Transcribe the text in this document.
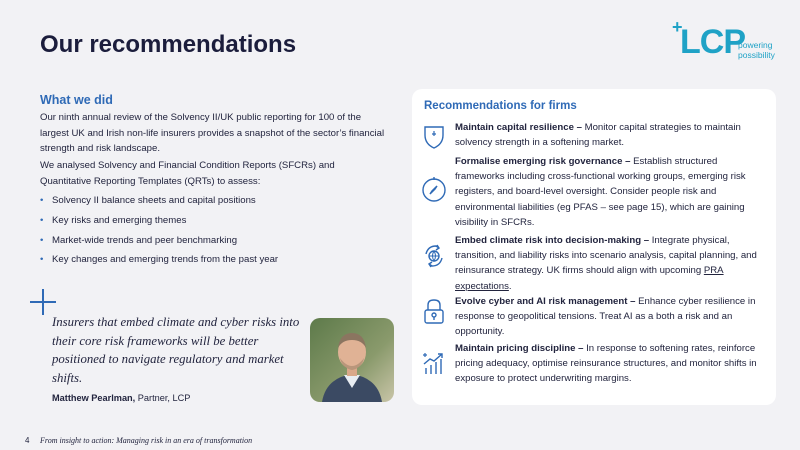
Our recommendations
+
LCP
powering
possibility
What we did

Our ninth annual review of the Solvency II/UK public reporting for 100 of the largest UK and Irish non-life insurers provides a snapshot of the sector’s financial strength and risk landscape.

We analysed Solvency and Financial Condition Reports (SFCRs) and Quantitative Reporting Templates (QRTs) to assess:

• Solvency II balance sheets and capital positions
• Key risks and emerging themes
• Market-wide trends and peer benchmarking
• Key changes and emerging trends from the past year

Insurers that embed climate and cyber risks into their core risk frameworks will be better positioned to navigate regulatory and market shifts.

Matthew Pearlman, Partner, LCP
Recommendations for firms

Maintain capital resilience – Monitor capital strategies to maintain solvency strength in a softening market.

Formalise emerging risk governance – Establish structured frameworks including cross-functional working groups, emerging risk registers, and board-level oversight. Consider people risk and environmental liabilities (eg PFAS – see page 15), which are gaining visibility in SFCRs.

Embed climate risk into decision-making – Integrate physical, transition, and liability risks into scenario analysis, capital planning, and reinsurance strategy. UK firms should align with upcoming PRA expectations.

Evolve cyber and AI risk management – Enhance cyber resilience in response to geopolitical tensions. Treat AI as a both a risk and an opportunity.

Maintain pricing discipline – In response to softening rates, reinforce pricing adequacy, optimise reinsurance structures, and monitor shifts in exposure to protect underwriting margins.

4 From insight to action: Managing risk in an era of transformation
